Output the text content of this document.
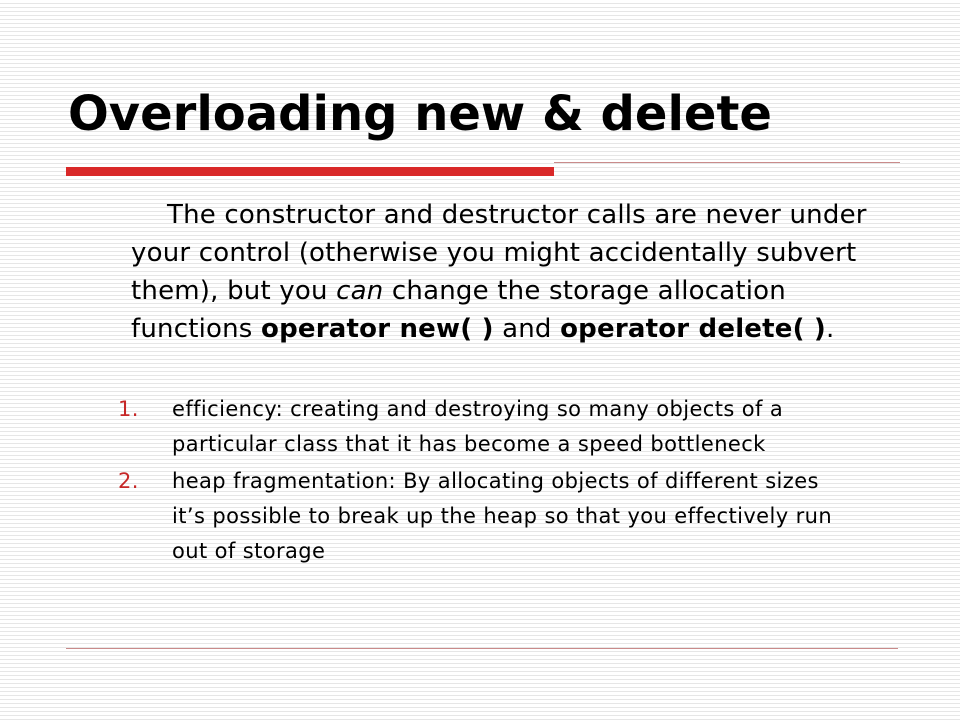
Overloading new & delete

The constructor and destructor calls are never under your control (otherwise you might accidentally subvert them), but you can change the storage allocation functions operator new( ) and operator delete( ).

1. efficiency: creating and destroying so many objects of a particular class that it has become a speed bottleneck
2. heap fragmentation: By allocating objects of different sizes it’s possible to break up the heap so that you effectively run out of storage
